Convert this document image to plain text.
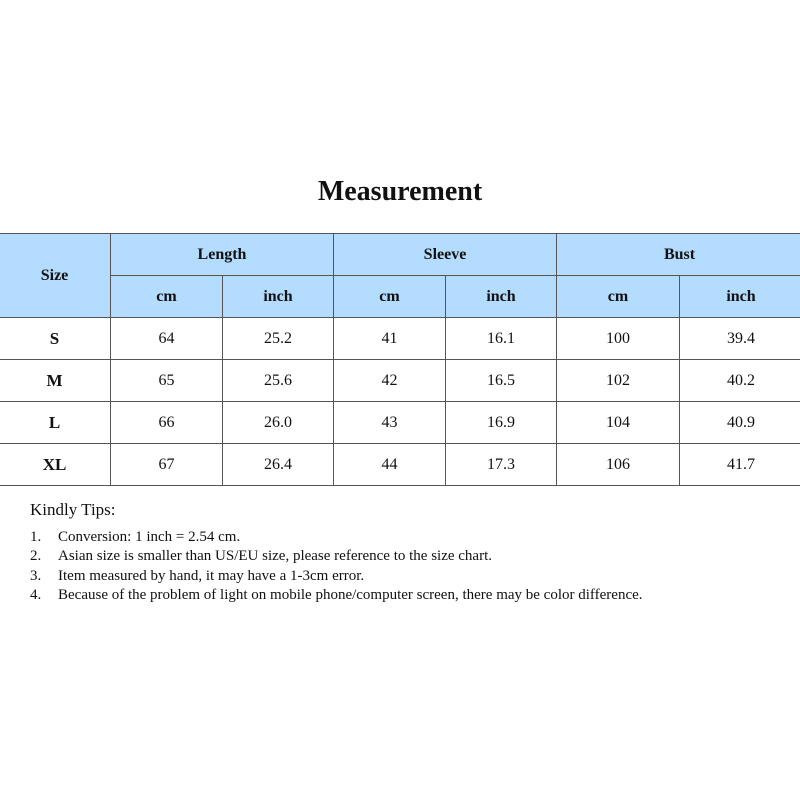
Measurement
Size	Length		Sleeve		Bust	
	cm	inch	cm	inch	cm	inch
S	64	25.2	41	16.1	100	39.4
M	65	25.6	42	16.5	102	40.2
L	66	26.0	43	16.9	104	40.9
XL	67	26.4	44	17.3	106	41.7
Kindly Tips:
1. Conversion: 1 inch = 2.54 cm.
2. Asian size is smaller than US/EU size, please reference to the size chart.
3. Item measured by hand, it may have a 1-3cm error.
4. Because of the problem of light on mobile phone/computer screen, there may be color difference.
